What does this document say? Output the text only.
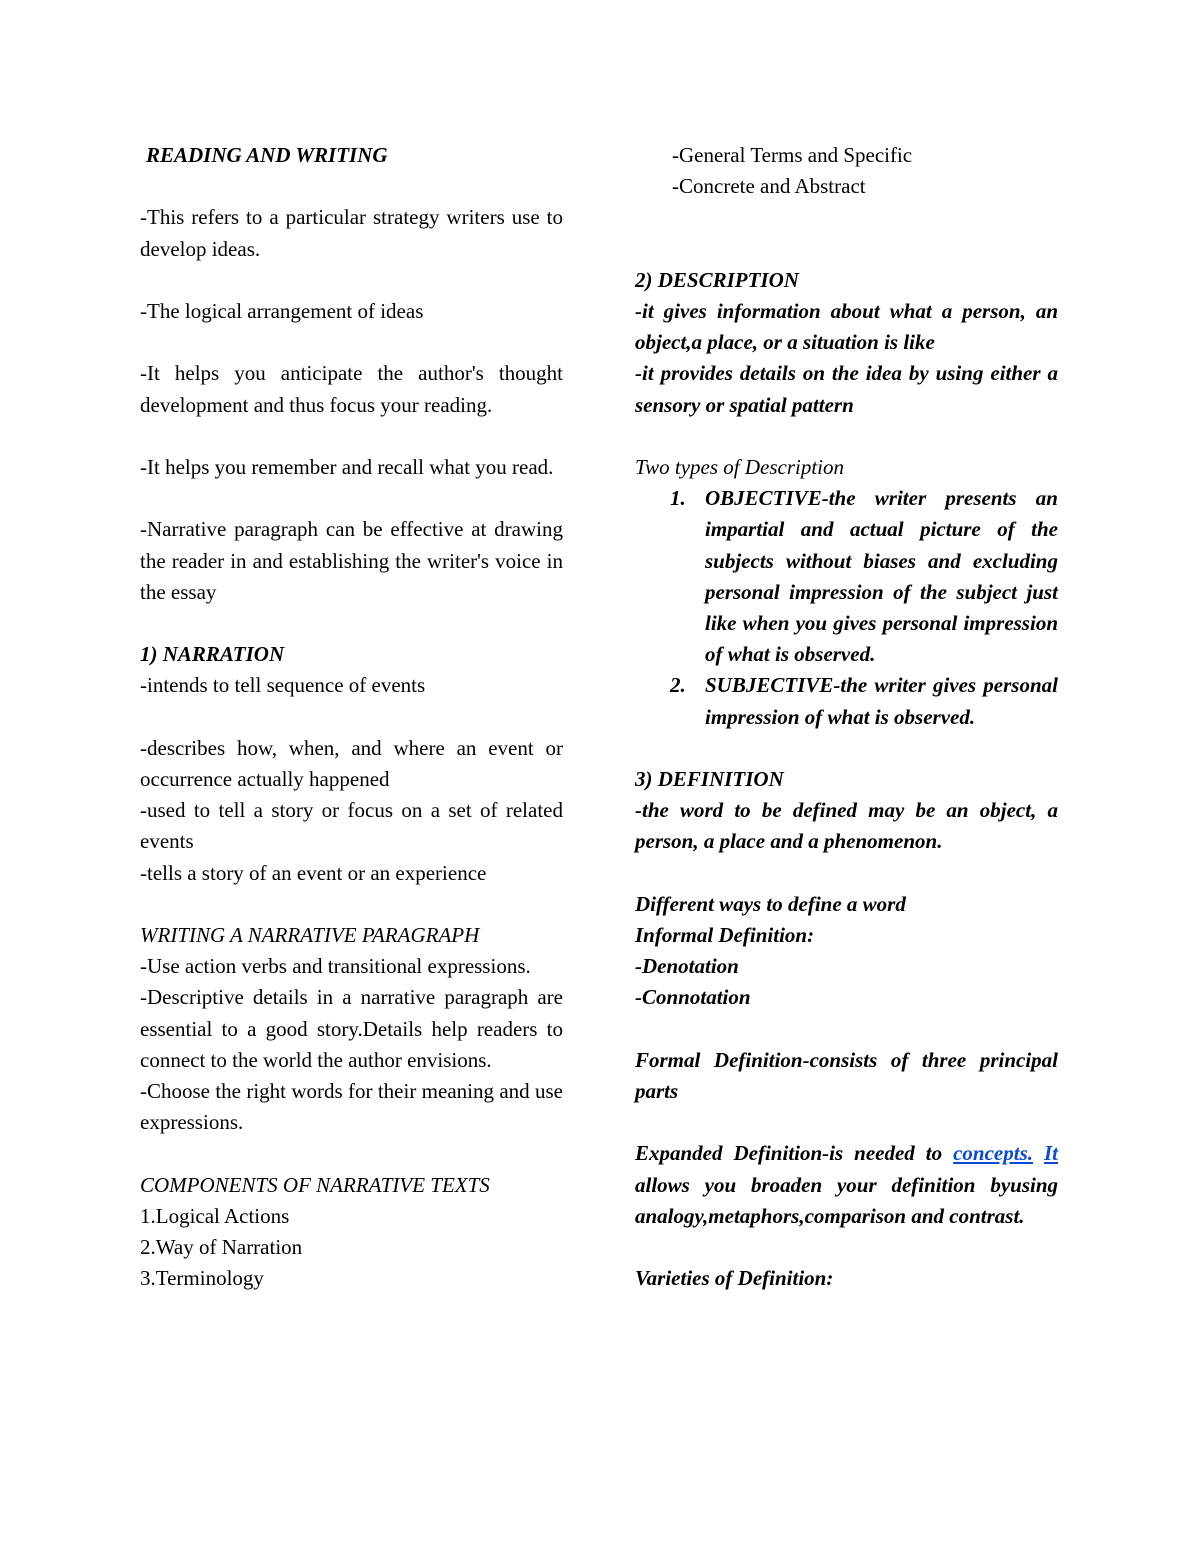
READING AND WRITING

-This refers to a particular strategy writers use to develop ideas.

-The logical arrangement of ideas

-It helps you anticipate the author's thought development and thus focus your reading.

-It helps you remember and recall what you read.

-Narrative paragraph can be effective at drawing the reader in and establishing the writer's voice in the essay

1) NARRATION

-intends to tell sequence of events

-describes how, when, and where an event or occurrence actually happened

-used to tell a story or focus on a set of related events

-tells a story of an event or an experience

WRITING A NARRATIVE PARAGRAPH

-Use action verbs and transitional expressions.

-Descriptive details in a narrative paragraph are essential to a good story.Details help readers to connect to the world the author envisions.

-Choose the right words for their meaning and use expressions.

COMPONENTS OF NARRATIVE TEXTS

1.Logical Actions

2.Way of Narration

3.Terminology

-General Terms and Specific

-Concrete and Abstract

2) DESCRIPTION

-it gives information about what a person, an object,a place, or a situation is like

-it provides details on the idea by using either a sensory or spatial pattern

Two types of Description

1. OBJECTIVE-the writer presents an impartial and actual picture of the subjects without biases and excluding personal impression of the subject just like when you gives personal impression of what is observed.
2. SUBJECTIVE-the writer gives personal impression of what is observed.

3) DEFINITION

-the word to be defined may be an object, a person, a place and a phenomenon.

Different ways to define a word

Informal Definition:

-Denotation

-Connotation

Formal Definition-consists of three principal parts

Expanded Definition-is needed to concepts. It allows you broaden your definition byusing analogy,metaphors,comparison and contrast.

Varieties of Definition:
